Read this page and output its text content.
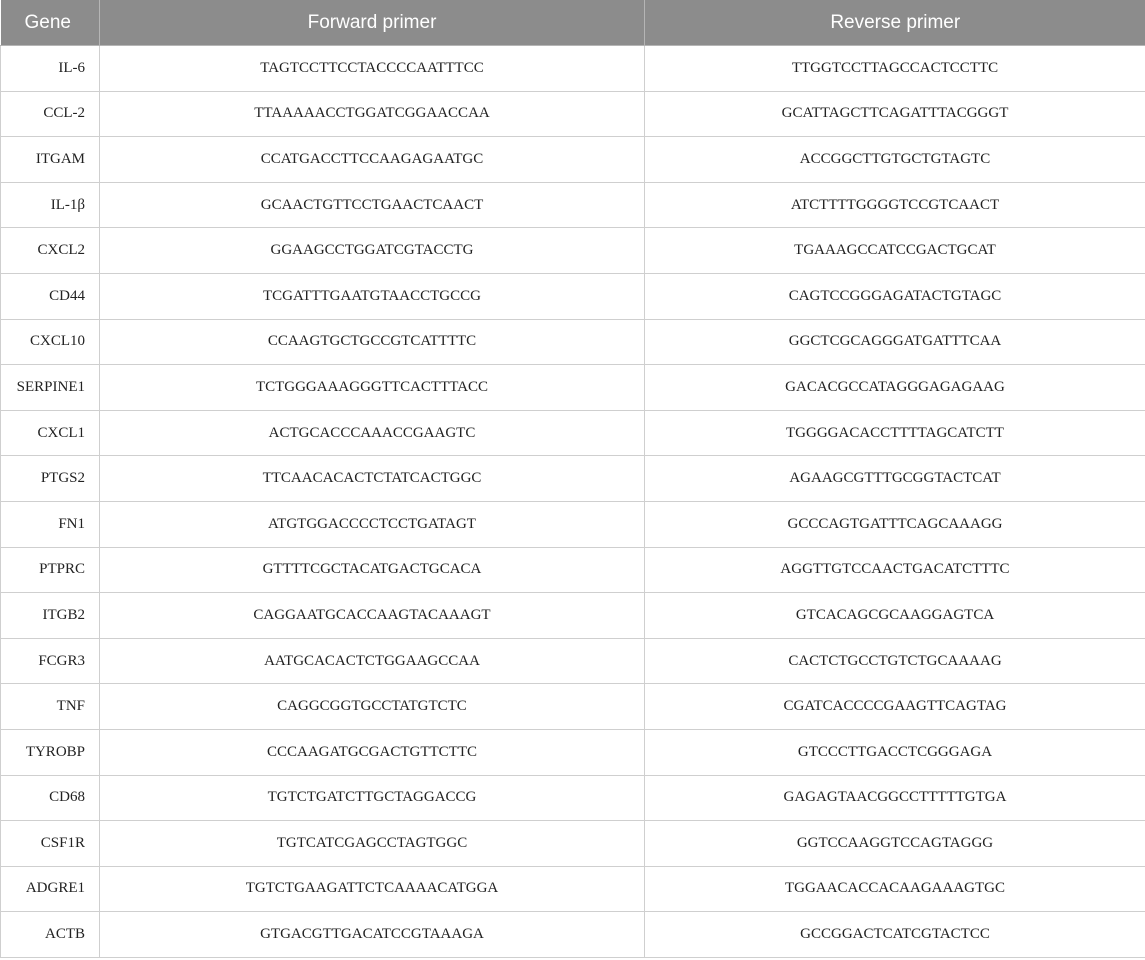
Gene	Forward primer	Reverse primer
IL-6	TAGTCCTTCCTACCCCAATTTCC	TTGGTCCTTAGCCACTCCTTC
CCL-2	TTAAAAACCTGGATCGGAACCAA	GCATTAGCTTCAGATTTACGGGT
ITGAM	CCATGACCTTCCAAGAGAATGC	ACCGGCTTGTGCTGTAGTC
IL-1β	GCAACTGTTCCTGAACTCAACT	ATCTTTTGGGGTCCGTCAACT
CXCL2	GGAAGCCTGGATCGTACCTG	TGAAAGCCATCCGACTGCAT
CD44	TCGATTTGAATGTAACCTGCCG	CAGTCCGGGAGATACTGTAGC
CXCL10	CCAAGTGCTGCCGTCATTTTC	GGCTCGCAGGGATGATTTCAA
SERPINE1	TCTGGGAAAGGGTTCACTTTACC	GACACGCCATAGGGAGAGAAG
CXCL1	ACTGCACCCAAACCGAAGTC	TGGGGACACCTTTTAGCATCTT
PTGS2	TTCAACACACTCTATCACTGGC	AGAAGCGTTTGCGGTACTCAT
FN1	ATGTGGACCCCTCCTGATAGT	GCCCAGTGATTTCAGCAAAGG
PTPRC	GTTTTCGCTACATGACTGCACA	AGGTTGTCCAACTGACATCTTTC
ITGB2	CAGGAATGCACCAAGTACAAAGT	GTCACAGCGCAAGGAGTCA
FCGR3	AATGCACACTCTGGAAGCCAA	CACTCTGCCTGTCTGCAAAAG
TNF	CAGGCGGTGCCTATGTCTC	CGATCACCCCGAAGTTCAGTAG
TYROBP	CCCAAGATGCGACTGTTCTTC	GTCCCTTGACCTCGGGAGA
CD68	TGTCTGATCTTGCTAGGACCG	GAGAGTAACGGCCTTTTTGTGA
CSF1R	TGTCATCGAGCCTAGTGGC	GGTCCAAGGTCCAGTAGGG
ADGRE1	TGTCTGAAGATTCTCAAAACATGGA	TGGAACACCACAAGAAAGTGC
ACTB	GTGACGTTGACATCCGTAAAGA	GCCGGACTCATCGTACTCC
